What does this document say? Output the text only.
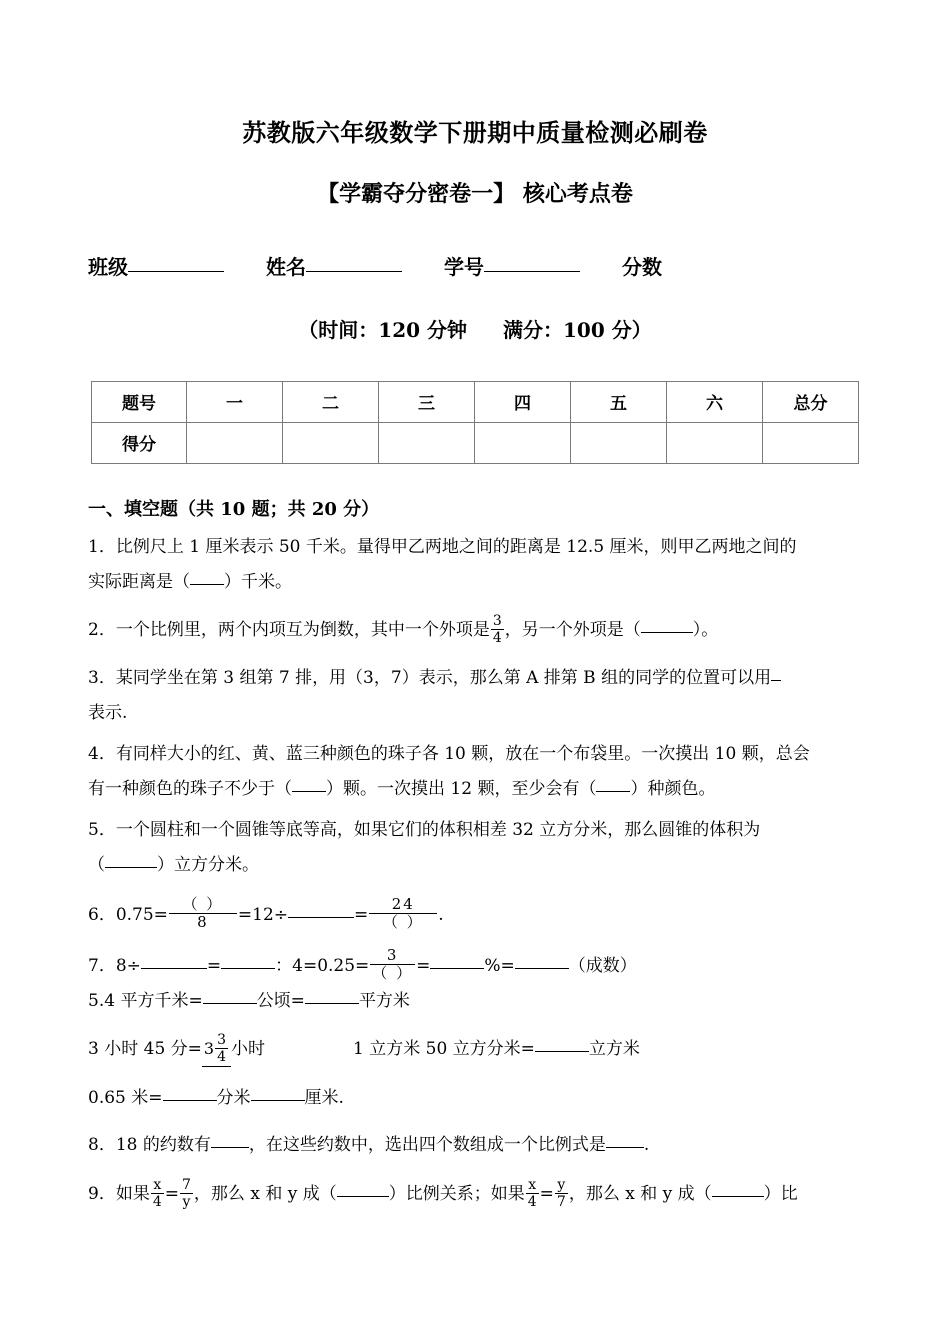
苏教版六年级数学下册期中质量检测必刷卷
【学霸夺分密卷一】 核心考点卷
班级	姓名	学号	分数
（时间：120 分钟 满分：100 分）
题号	一	二	三	四	五	六	总分
得分							
一、填空题（共 10 题；共 20 分）
1．比例尺上 1 厘米表示 50 千米。量得甲乙两地之间的距离是 12.5 厘米，则甲乙两地之间的
实际距离是（ ）千米。
2．一个比例里，两个内项互为倒数，其中一个外项是 $\frac{3}{4}$ ，另一个外项是（	）。
3．某同学坐在第 3 组第 7 排，用（3，7）表示，那么第 A 排第 B 组的同学的位置可以用
表示.
4．有同样大小的红、黄、蓝三种颜色的珠子各 10 颗，放在一个布袋里。一次摸出 10 颗，总会
有一种颜色的珠子不少于（ ）颗。一次摸出 12 颗，至少会有（ ）种颜色。
5．一个圆柱和一个圆锥等底等高，如果它们的体积相差 32 立方分米，那么圆锥的体积为
（	）立方分米。
6．$0.75= \frac{( )}{8} =12\div$	= $\frac{24}{( )}$ .
7．8÷	=	：$4=0.25= \frac{3}{( )}$ =	%=	（成数）
5.4 平方千米=	公顷=	平方米
3 小时 45 分= $3 \frac{3}{4}$ 小时	1 立方米 50 立方分米=	立方米
0.65 米=	分米	厘米.
8．18 的约数有 ，在这些约数中，选出四个数组成一个比例式是 .
9．如果 $\frac{x}{4} = \frac{7}{y}$ ，那么 x 和 y 成（	）比例关系；如果 $\frac{x}{4} = \frac{y}{7}$ ，那么 x 和 y 成（	）比
